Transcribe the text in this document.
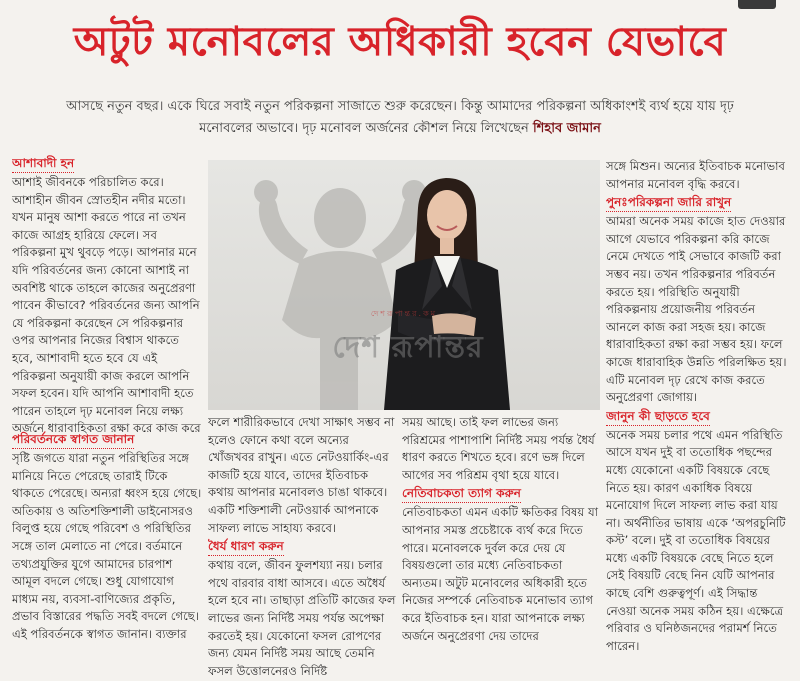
অটুট মনোবলের অধিকারী হবেন যেভাবে
আসছে নতুন বছর। একে ঘিরে সবাই নতুন পরিকল্পনা সাজাতে শুরু করেছেন। কিন্তু আমাদের পরিকল্পনা অধিকাংশই ব্যর্থ হয়ে যায় দৃঢ় মনোবলের অভাবে। দৃঢ় মনোবল অর্জনের কৌশল নিয়ে লিখেছেন শিহাব জামান
আশাবাদী হন

আশাই জীবনকে পরিচালিত করে। আশাহীন জীবন স্রোতহীন নদীর মতো। যখন মানুষ আশা করতে পারে না তখন কাজে আগ্রহ হারিয়ে ফেলে। সব পরিকল্পনা মুখ থুবড়ে পড়ে। আপনার মনে যদি পরিবর্তনের জন্য কোনো আশাই না অবশিষ্ট থাকে তাহলে কাজের অনুপ্রেরণা পাবেন কীভাবে? পরিবর্তনের জন্য আপনি যে পরিকল্পনা করেছেন সে পরিকল্পনার ওপর আপনার নিজের বিশ্বাস থাকতে হবে, আশাবাদী হতে হবে যে এই পরিকল্পনা অনুযায়ী কাজ করলে আপনি সফল হবেন। যদি আপনি আশাবাদী হতে পারেন তাহলে দৃঢ় মনোবল নিয়ে লক্ষ্য অর্জনে ধারাবাহিকতা রক্ষা করে কাজ করে

পরিবর্তনকে স্বাগত জানান

সৃষ্টি জগতে যারা নতুন পরিস্থিতির সঙ্গে মানিয়ে নিতে পেরেছে তারাই টিকে থাকতে পেরেছে। অন্যরা ধ্বংস হয়ে গেছে। অতিকায় ও অতিশক্তিশালী ডাইনোসরও বিলুপ্ত হয়ে গেছে পরিবেশ ও পরিস্থিতির সঙ্গে তাল মেলাতে না পেরে। বর্তমানে তথ্যপ্রযুক্তির যুগে আমাদের চারপাশ আমূল বদলে গেছে। শুধু যোগাযোগ মাধ্যম নয়, ব্যবসা-বাণিজ্যের প্রকৃতি, প্রভাব বিস্তারের পদ্ধতি সবই বদলে গেছে। এই পরিবর্তনকে স্বাগত জানান। ব্যক্তার

দেশরূপান্তর.কম
দেশ রূপান্তর

ফলে শারীরিকভাবে দেখা সাক্ষাৎ সম্ভব না হলেও ফোনে কথা বলে অন্যের খোঁজখবর রাখুন। এতে নেটওয়ার্কিং-এর কাজটি হয়ে যাবে, তাদের ইতিবাচক কথায় আপনার মনোবলও চাঙা থাকবে। একটি শক্তিশালী নেটওয়ার্ক আপনাকে সাফল্য লাভে সাহায্য করবে।

ধৈর্য ধারণ করুন

কথায় বলে, জীবন ফুলশয্যা নয়। চলার পথে বারবার বাধা আসবে। এতে অধৈর্য হলে হবে না। তাছাড়া প্রতিটি কাজের ফল লাভের জন্য নির্দিষ্ট সময় পর্যন্ত অপেক্ষা করতেই হয়। যেকোনো ফসল রোপণের জন্য যেমন নির্দিষ্ট সময় আছে তেমনি ফসল উত্তোলনেরও নির্দিষ্ট

সময় আছে। তাই ফল লাভের জন্য পরিশ্রমের পাশাপাশি নির্দিষ্ট সময় পর্যন্ত ধৈর্য ধারণ করতে শিখতে হবে। রণে ভঙ্গ দিলে আগের সব পরিশ্রম বৃথা হয়ে যাবে।

নেতিবাচকতা ত্যাগ করুন

নেতিবাচকতা এমন একটি ক্ষতিকর বিষয় যা আপনার সমস্ত প্রচেষ্টাকে ব্যর্থ করে দিতে পারে। মনোবলকে দুর্বল করে দেয় যে বিষয়গুলো তার মধ্যে নেতিবাচকতা অন্যতম। অটুট মনোবলের অধিকারী হতে নিজের সম্পর্কে নেতিবাচক মনোভাব ত্যাগ করে ইতিবাচক হন। যারা আপনাকে লক্ষ্য অর্জনে অনুপ্রেরণা দেয় তাদের

সঙ্গে মিশুন। অন্যের ইতিবাচক মনোভাব আপনার মনোবল বৃদ্ধি করবে।

পুনঃপরিকল্পনা জারি রাখুন

আমরা অনেক সময় কাজে হাত দেওয়ার আগে যেভাবে পরিকল্পনা করি কাজে নেমে দেখতে পাই সেভাবে কাজটি করা সম্ভব নয়। তখন পরিকল্পনার পরিবর্তন করতে হয়। পরিস্থিতি অনুযায়ী পরিকল্পনায় প্রয়োজনীয় পরিবর্তন আনলে কাজ করা সহজ হয়। কাজে ধারাবাহিকতা রক্ষা করা সম্ভব হয়। ফলে কাজে ধারাবাহিক উন্নতি পরিলক্ষিত হয়। এটি মনোবল দৃঢ় রেখে কাজ করতে অনুপ্রেরণা জোগায়।

জানুন কী ছাড়তে হবে

অনেক সময় চলার পথে এমন পরিস্থিতি আসে যখন দুই বা ততোধিক পছন্দের মধ্যে যেকোনো একটি বিষয়কে বেছে নিতে হয়। কারণ একাধিক বিষয়ে মনোযোগ দিলে সাফল্য লাভ করা যায় না। অর্থনীতির ভাষায় একে ‘অপরচুনিটি কস্ট’ বলে। দুই বা ততোধিক বিষয়ের মধ্যে একটি বিষয়কে বেছে নিতে হলে সেই বিষয়টি বেছে নিন যেটি আপনার কাছে বেশি গুরুত্বপূর্ণ। এই সিদ্ধান্ত নেওয়া অনেক সময় কঠিন হয়। এক্ষেত্রে পরিবার ও ঘনিষ্ঠজনদের পরামর্শ নিতে পারেন।
